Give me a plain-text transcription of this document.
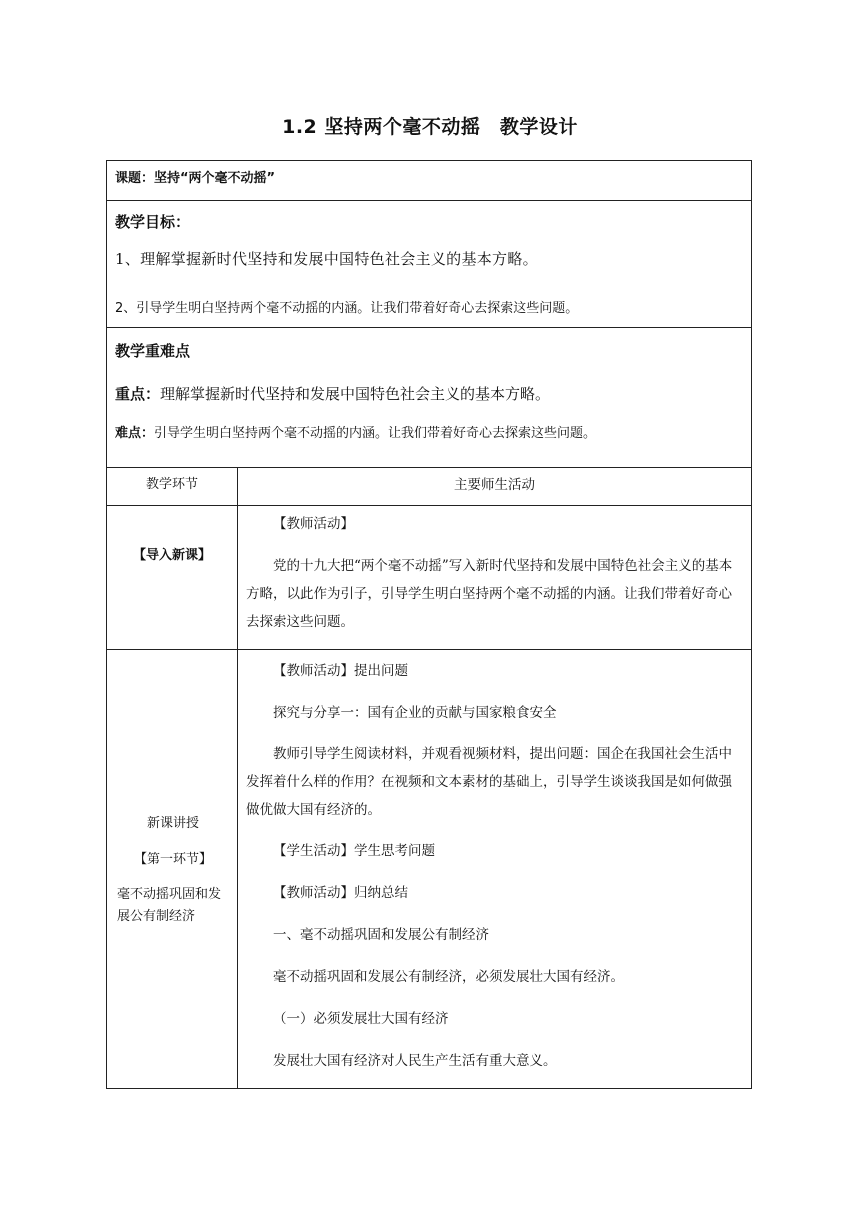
1.2 坚持两个毫不动摇　教学设计

课题：坚持“两个毫不动摇”

教学目标：

1、理解掌握新时代坚持和发展中国特色社会主义的基本方略。

2、引导学生明白坚持两个毫不动摇的内涵。让我们带着好奇心去探索这些问题。

教学重难点

重点：理解掌握新时代坚持和发展中国特色社会主义的基本方略。

难点：引导学生明白坚持两个毫不动摇的内涵。让我们带着好奇心去探索这些问题。

教学环节	主要师生活动
【导入新课】
【教师活动】
党的十九大把“两个毫不动摇”写入新时代坚持和发展中国特色社会主义的基本方略，以此作为引子，引导学生明白坚持两个毫不动摇的内涵。让我们带着好奇心去探索这些问题。
新课讲授
【第一环节】
毫不动摇巩固和发展公有制经济
【教师活动】提出问题
探究与分享一：国有企业的贡献与国家粮食安全
教师引导学生阅读材料，并观看视频材料，提出问题：国企在我国社会生活中发挥着什么样的作用？在视频和文本素材的基础上，引导学生谈谈我国是如何做强做优做大国有经济的。
【学生活动】学生思考问题
【教师活动】归纳总结
一、毫不动摇巩固和发展公有制经济
毫不动摇巩固和发展公有制经济，必须发展壮大国有经济。
（一）必须发展壮大国有经济
发展壮大国有经济对人民生产生活有重大意义。
